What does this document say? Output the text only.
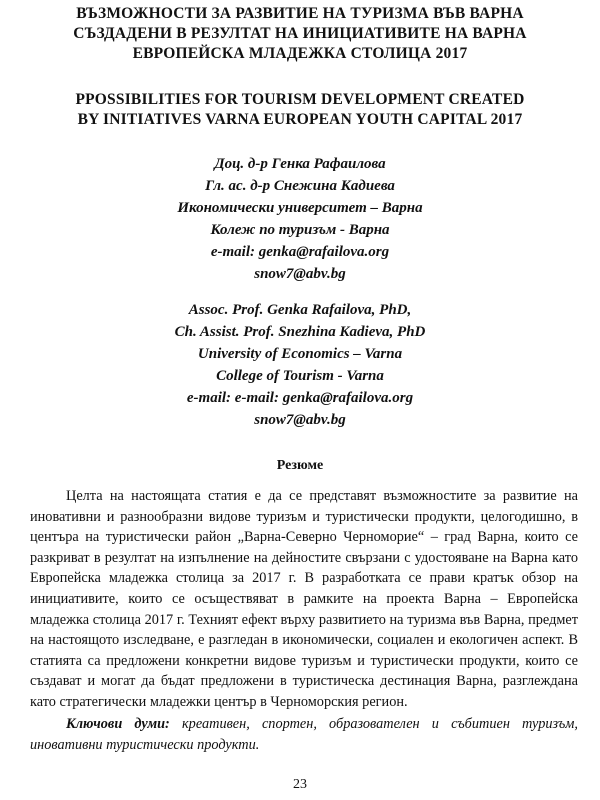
ВЪЗМОЖНОСТИ ЗА РАЗВИТИЕ НА ТУРИЗМА ВЪВ ВАРНА
СЪЗДАДЕНИ В РЕЗУЛТАТ НА ИНИЦИАТИВИТЕ НА ВАРНА
ЕВРОПЕЙСКА МЛАДЕЖКА СТОЛИЦА 2017
PPOSSIBILITIES FOR TOURISM DEVELOPMENT CREATED
BY INITIATIVES VARNA EUROPEAN YOUTH CAPITAL 2017
Доц. д-р Генка Рафаилова
Гл. ас. д-р Снежина Кадиева
Икономически университет – Варна
Колеж по туризъм - Варна
e-mail: genka@rafailova.org
snow7@abv.bg
Assoc. Prof. Genka Rafailova, PhD,
Ch. Assist. Prof. Snezhina Kadieva, PhD
University of Economics – Varna
College of Tourism - Varna
e-mail: e-mail: genka@rafailova.org
snow7@abv.bg
Резюме

Целта на настоящата статия е да се представят възможностите за развитие на иновативни и разнообразни видове туризъм и туристически продукти, целогодишно, в центъра на туристически район „Варна-Северно Черноморие“ – град Варна, които се разкриват в резултат на изпълнение на дейностите свързани с удостояване на Варна като Европейска младежка столица за 2017 г. В разработката се прави кратък обзор на инициативите, които се осъществяват в рамките на проекта Варна – Европейска младежка столица 2017 г. Техният ефект върху развитието на туризма във Варна, предмет на настоящото изследване, е разгледан в икономически, социален и екологичен аспект. В статията са предложени конкретни видове туризъм и туристически продукти, които се създават и могат да бъдат предложени в туристическа дестинация Варна, разглеждана като стратегически младежки център в Черноморския регион.

Ключови думи: креативен, спортен, образователен и събитиен туризъм, иновативни туристически продукти.

23
